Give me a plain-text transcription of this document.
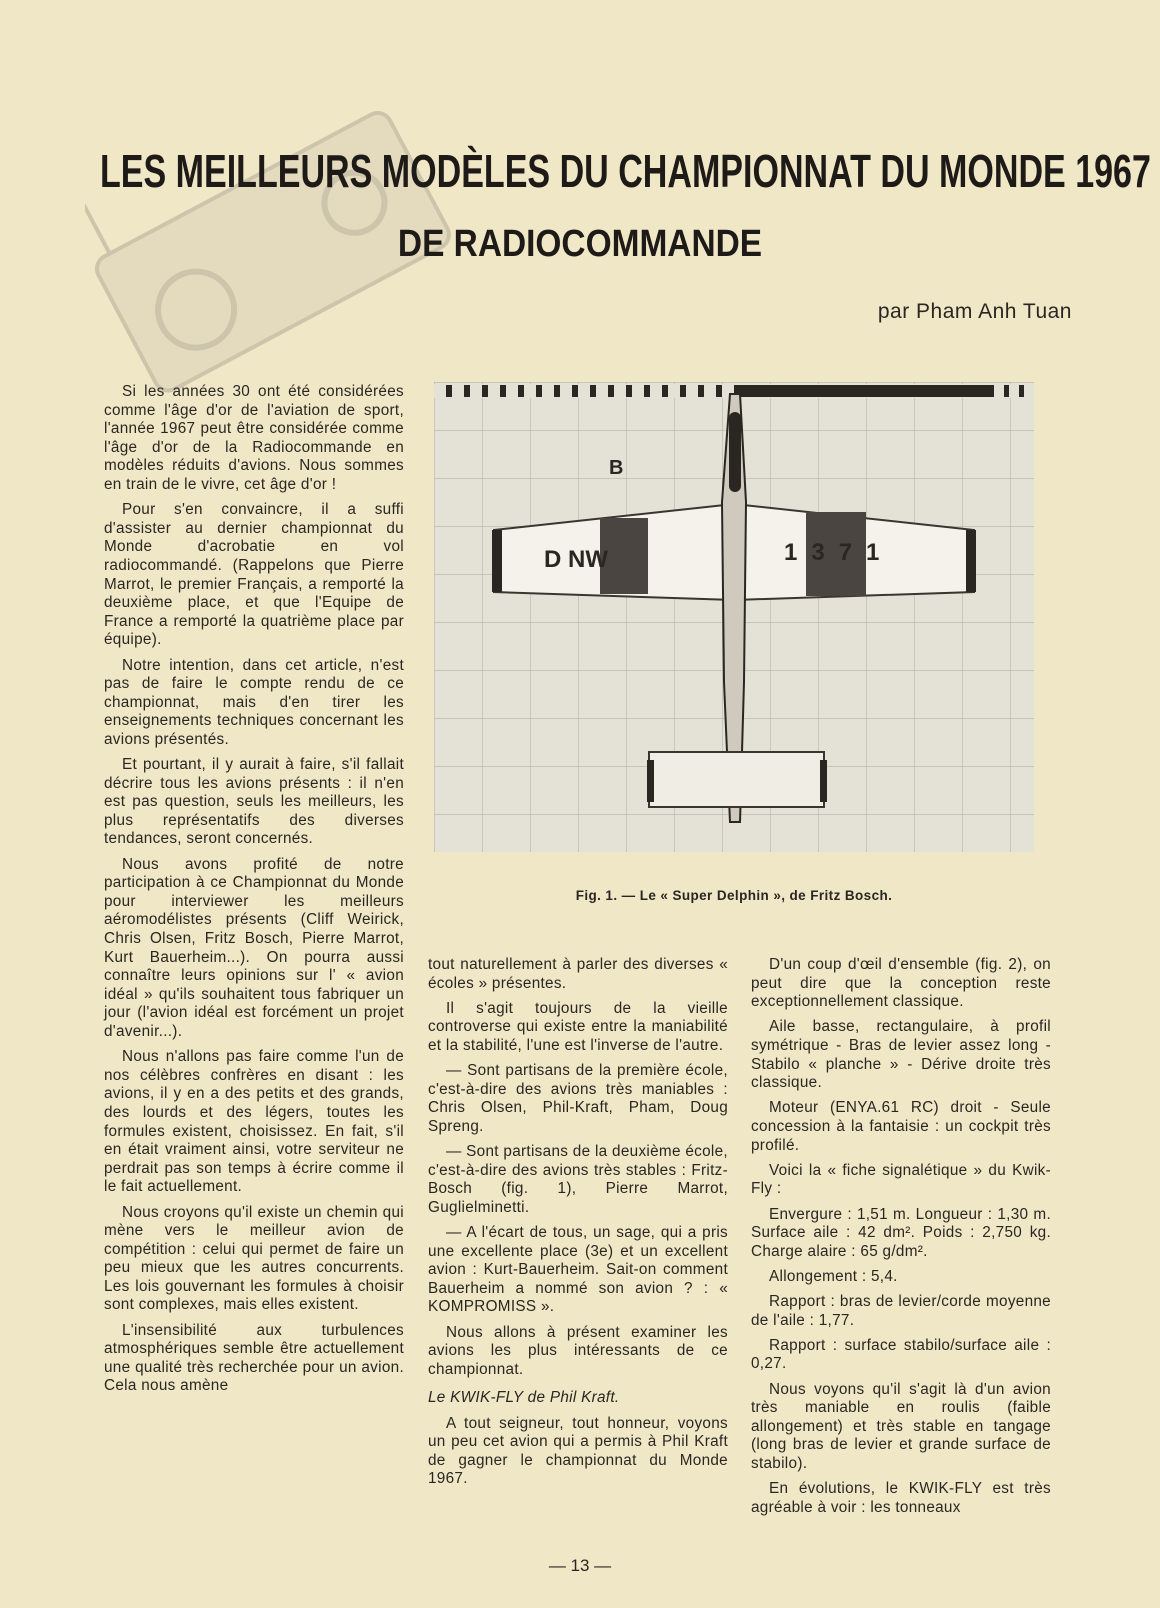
LES MEILLEURS MODÈLES DU CHAMPIONNAT DU MONDE 1967
DE RADIOCOMMANDE
par Pham Anh Tuan
B
D NW	1371
Fig. 1. — Le « Super Delphin », de Fritz Bosch.

Si les années 30 ont été considérées comme l'âge d'or de l'aviation de sport, l'année 1967 peut être considérée comme l'âge d'or de la Radiocommande en modèles réduits d'avions. Nous sommes en train de le vivre, cet âge d'or !

Pour s'en convaincre, il a suffi d'assister au dernier championnat du Monde d'acrobatie en vol radiocommandé. (Rappelons que Pierre Marrot, le premier Français, a remporté la deuxième place, et que l'Equipe de France a remporté la quatrième place par équipe).

Notre intention, dans cet article, n'est pas de faire le compte rendu de ce championnat, mais d'en tirer les enseignements techniques concernant les avions présentés.

Et pourtant, il y aurait à faire, s'il fallait décrire tous les avions présents : il n'en est pas question, seuls les meilleurs, les plus représentatifs des diverses tendances, seront concernés.

Nous avons profité de notre participation à ce Championnat du Monde pour interviewer les meilleurs aéromodélistes présents (Cliff Weirick, Chris Olsen, Fritz Bosch, Pierre Marrot, Kurt Bauerheim...). On pourra aussi connaître leurs opinions sur l' « avion idéal » qu'ils souhaitent tous fabriquer un jour (l'avion idéal est forcément un projet d'avenir...).

Nous n'allons pas faire comme l'un de nos célèbres confrères en disant : les avions, il y en a des petits et des grands, des lourds et des légers, toutes les formules existent, choisissez. En fait, s'il en était vraiment ainsi, votre serviteur ne perdrait pas son temps à écrire comme il le fait actuellement.

Nous croyons qu'il existe un chemin qui mène vers le meilleur avion de compétition : celui qui permet de faire un peu mieux que les autres concurrents. Les lois gouvernant les formules à choisir sont complexes, mais elles existent.

L'insensibilité aux turbulences atmosphériques semble être actuellement une qualité très recherchée pour un avion. Cela nous amène

tout naturellement à parler des diverses « écoles » présentes.

Il s'agit toujours de la vieille controverse qui existe entre la maniabilité et la stabilité, l'une est l'inverse de l'autre.

— Sont partisans de la première école, c'est-à-dire des avions très maniables : Chris Olsen, Phil-Kraft, Pham, Doug Spreng.

— Sont partisans de la deuxième école, c'est-à-dire des avions très stables : Fritz-Bosch (fig. 1), Pierre Marrot, Guglielminetti.

— A l'écart de tous, un sage, qui a pris une excellente place (3e) et un excellent avion : Kurt-Bauerheim. Sait-on comment Bauerheim a nommé son avion ? : « KOMPROMISS ».

Nous allons à présent examiner les avions les plus intéressants de ce championnat.

Le KWIK-FLY de Phil Kraft.

A tout seigneur, tout honneur, voyons un peu cet avion qui a permis à Phil Kraft de gagner le championnat du Monde 1967.

D'un coup d'œil d'ensemble (fig. 2), on peut dire que la conception reste exceptionnellement classique.

Aile basse, rectangulaire, à profil symétrique - Bras de levier assez long - Stabilo « planche » - Dérive droite très classique.

Moteur (ENYA.61 RC) droit - Seule concession à la fantaisie : un cockpit très profilé.

Voici la « fiche signalétique » du Kwik-Fly :

Envergure : 1,51 m. Longueur : 1,30 m. Surface aile : 42 dm². Poids : 2,750 kg. Charge alaire : 65 g/dm².

Allongement : 5,4.

Rapport : bras de levier/corde moyenne de l'aile : 1,77.

Rapport : surface stabilo/surface aile : 0,27.

Nous voyons qu'il s'agit là d'un avion très maniable en roulis (faible allongement) et très stable en tangage (long bras de levier et grande surface de stabilo).

En évolutions, le KWIK-FLY est très agréable à voir : les tonneaux

— 13 —
